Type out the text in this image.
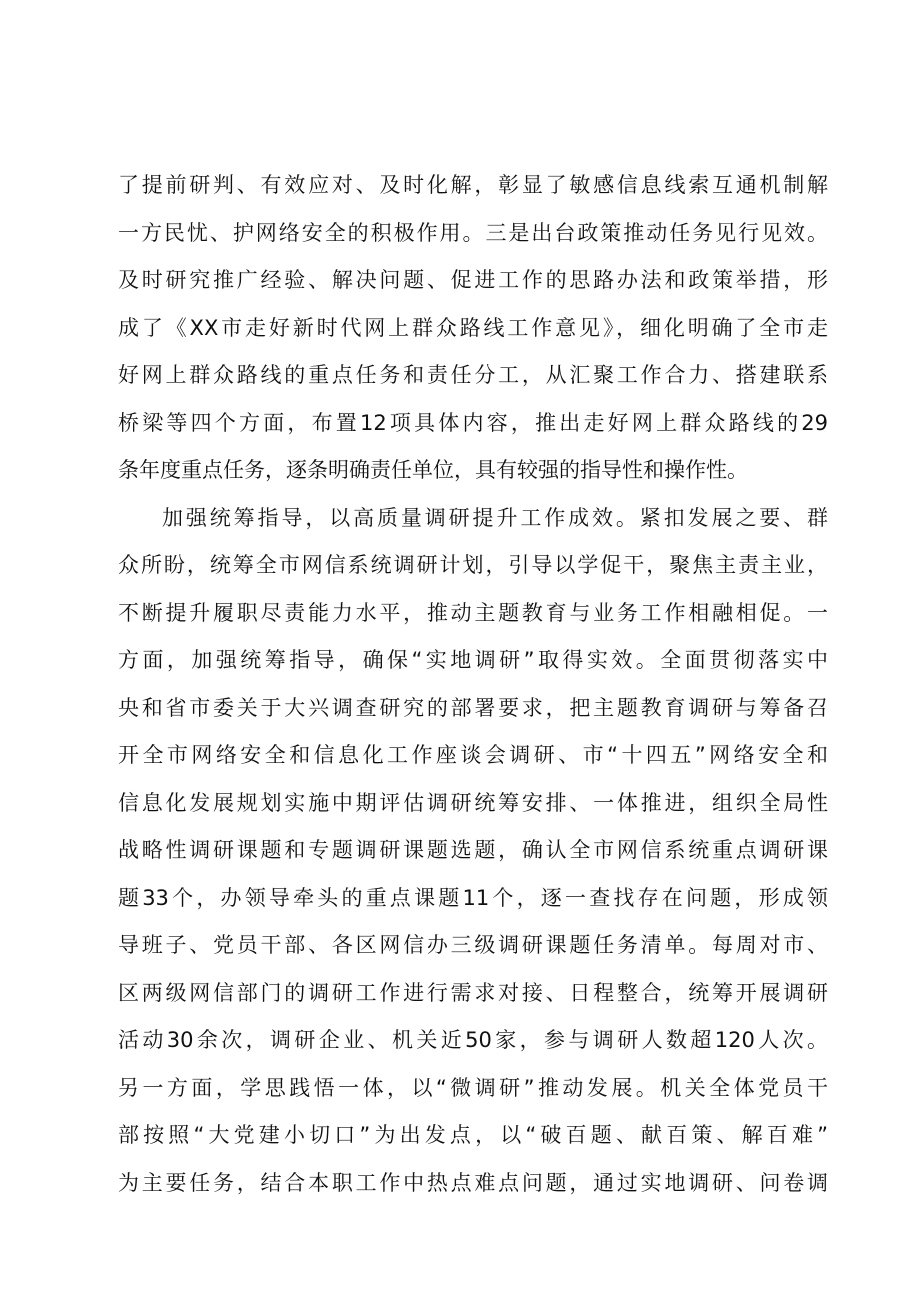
了提前研判、有效应对、及时化解，彰显了敏感信息线索互通机制解
一方民忧、护网络安全的积极作用。三是出台政策推动任务见行见效。
及时研究推广经验、解决问题、促进工作的思路办法和政策举措，形
成了《XX市走好新时代网上群众路线工作意见》，细化明确了全市走
好网上群众路线的重点任务和责任分工，从汇聚工作合力、搭建联系
桥梁等四个方面，布置12项具体内容，推出走好网上群众路线的29
条年度重点任务，逐条明确责任单位，具有较强的指导性和操作性。
加强统筹指导，以高质量调研提升工作成效。紧扣发展之要、群
众所盼，统筹全市网信系统调研计划，引导以学促干，聚焦主责主业，
不断提升履职尽责能力水平，推动主题教育与业务工作相融相促。一
方面，加强统筹指导，确保“实地调研”取得实效。全面贯彻落实中
央和省市委关于大兴调查研究的部署要求，把主题教育调研与筹备召
开全市网络安全和信息化工作座谈会调研、市“十四五”网络安全和
信息化发展规划实施中期评估调研统筹安排、一体推进，组织全局性
战略性调研课题和专题调研课题选题，确认全市网信系统重点调研课
题33个，办领导牵头的重点课题11个，逐一查找存在问题，形成领
导班子、党员干部、各区网信办三级调研课题任务清单。每周对市、
区两级网信部门的调研工作进行需求对接、日程整合，统筹开展调研
活动30余次，调研企业、机关近50家，参与调研人数超120人次。
另一方面，学思践悟一体，以“微调研”推动发展。机关全体党员干
部按照“大党建小切口”为出发点，以“破百题、献百策、解百难”
为主要任务，结合本职工作中热点难点问题，通过实地调研、问卷调
